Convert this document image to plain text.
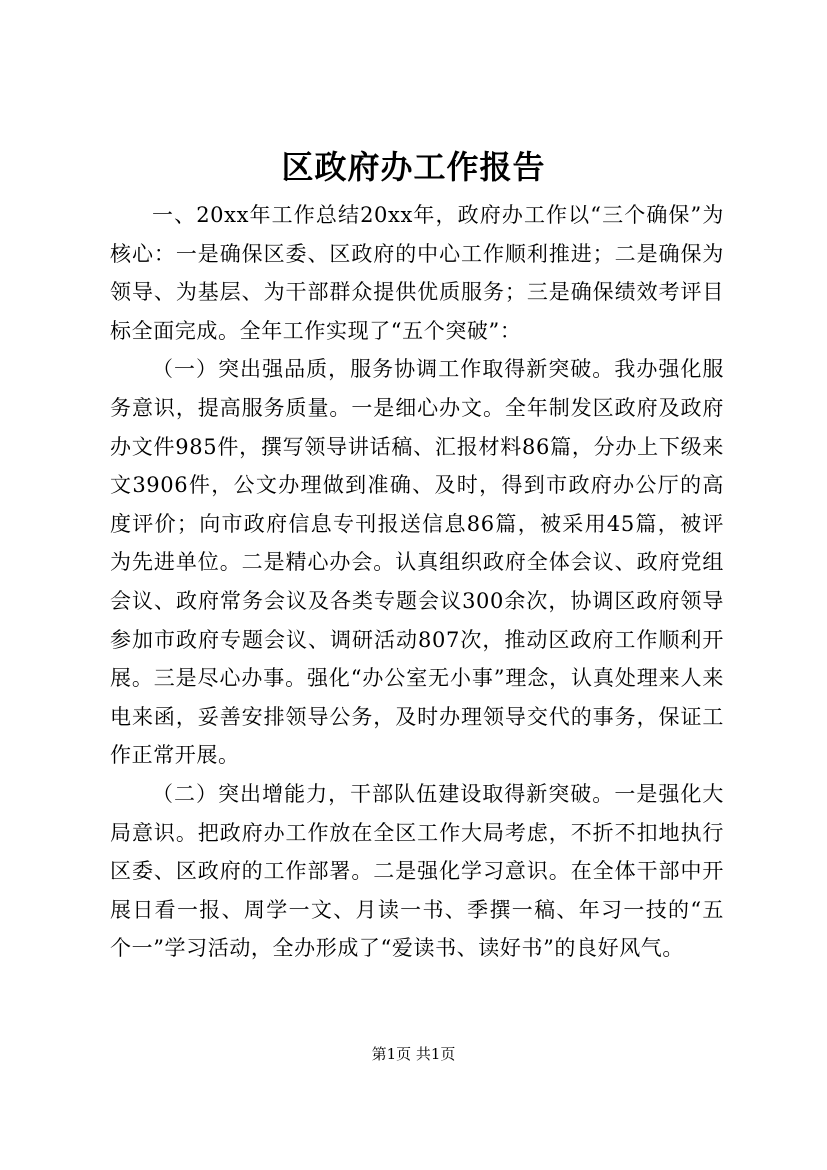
区政府办工作报告

一、20xx年工作总结20xx年，政府办工作以“三个确保”为核心：一是确保区委、区政府的中心工作顺利推进；二是确保为领导、为基层、为干部群众提供优质服务；三是确保绩效考评目标全面完成。全年工作实现了“五个突破”：

（一）突出强品质，服务协调工作取得新突破。我办强化服务意识，提高服务质量。一是细心办文。全年制发区政府及政府办文件985件，撰写领导讲话稿、汇报材料86篇，分办上下级来文3906件，公文办理做到准确、及时，得到市政府办公厅的高度评价；向市政府信息专刊报送信息86篇，被采用45篇，被评为先进单位。二是精心办会。认真组织政府全体会议、政府党组会议、政府常务会议及各类专题会议300余次，协调区政府领导参加市政府专题会议、调研活动807次，推动区政府工作顺利开展。三是尽心办事。强化“办公室无小事”理念，认真处理来人来电来函，妥善安排领导公务，及时办理领导交代的事务，保证工作正常开展。

（二）突出增能力，干部队伍建设取得新突破。一是强化大局意识。把政府办工作放在全区工作大局考虑，不折不扣地执行区委、区政府的工作部署。二是强化学习意识。在全体干部中开展日看一报、周学一文、月读一书、季撰一稿、年习一技的“五个一”学习活动，全办形成了“爱读书、读好书”的良好风气。

第1页 共1页
